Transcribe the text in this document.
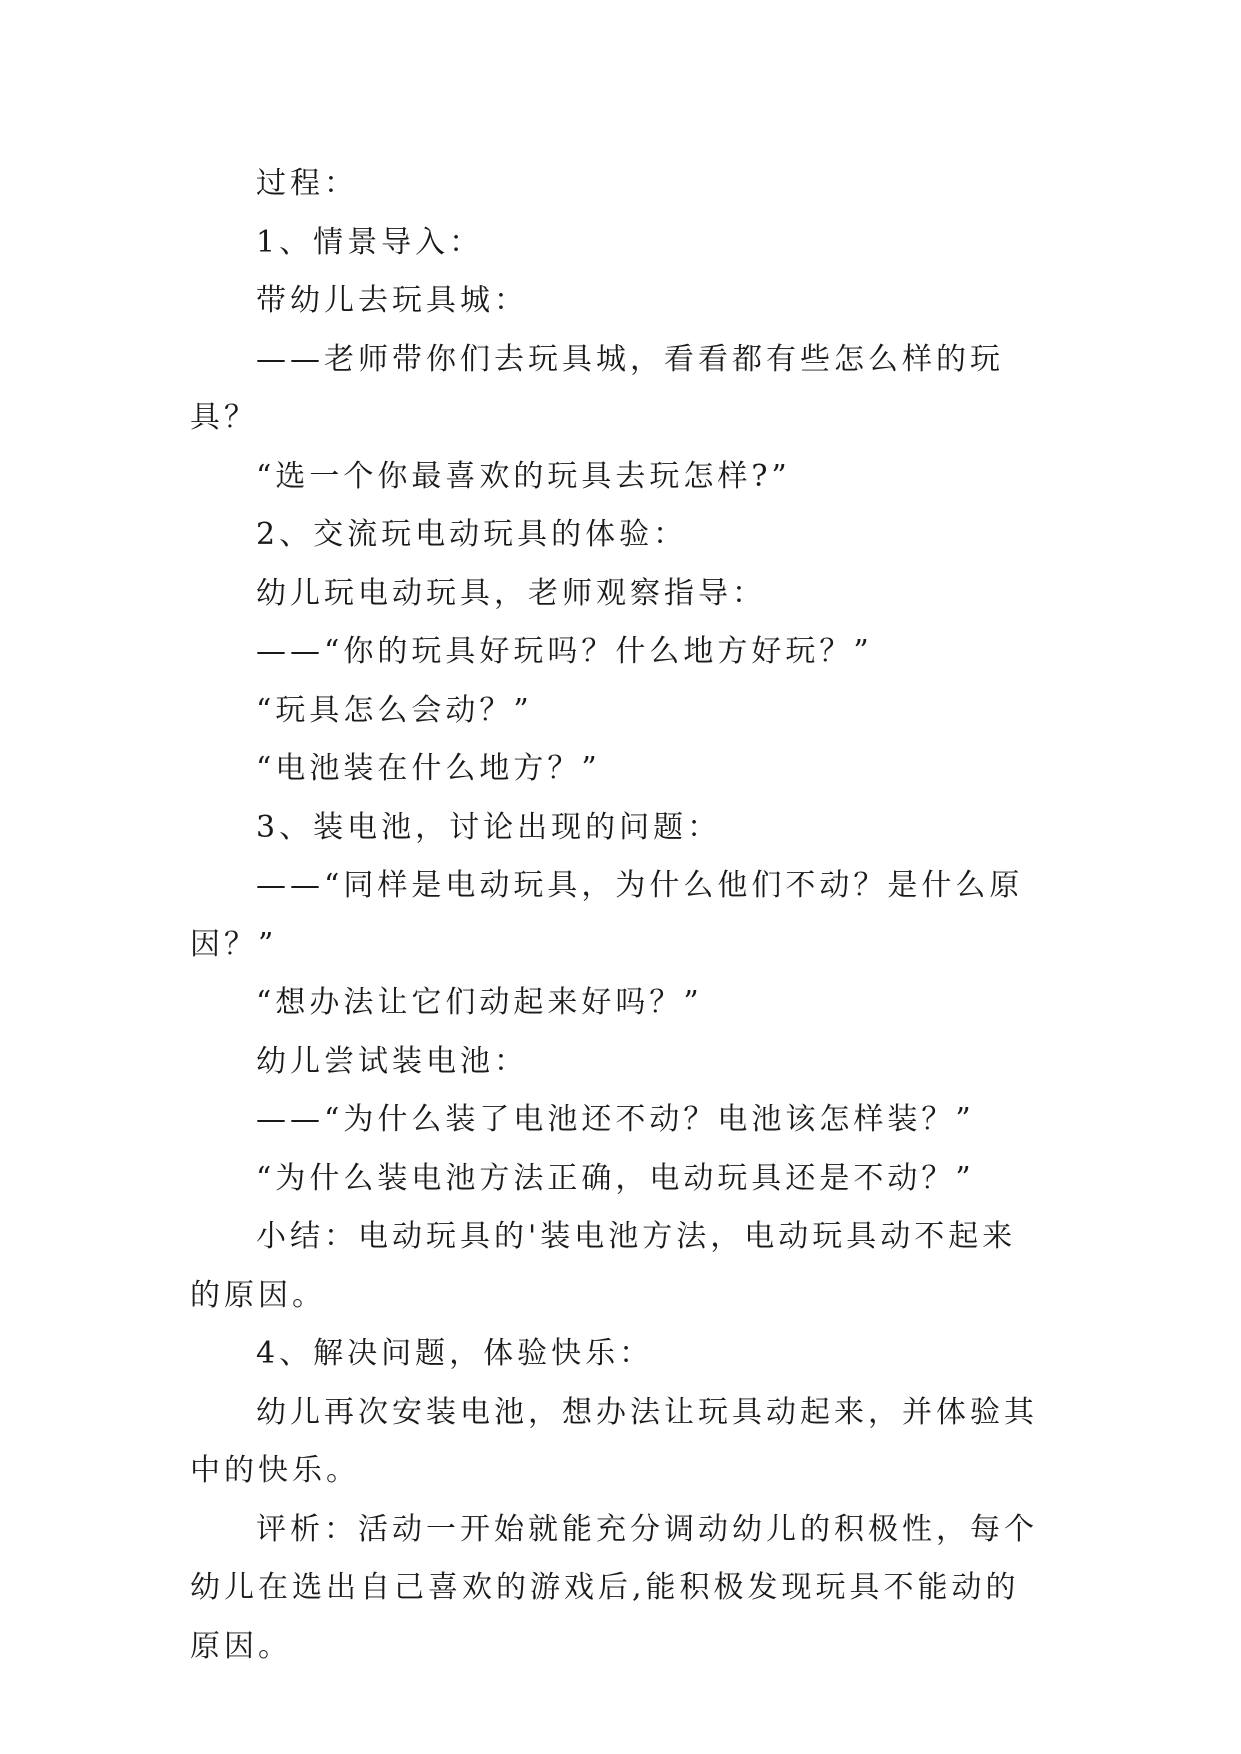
过程：

1、情景导入：

带幼儿去玩具城：

——老师带你们去玩具城，看看都有些怎么样的玩具？

“选一个你最喜欢的玩具去玩怎样?”

2、交流玩电动玩具的体验：

幼儿玩电动玩具，老师观察指导：

——“你的玩具好玩吗？什么地方好玩？”

“玩具怎么会动？”

“电池装在什么地方？”

3、装电池，讨论出现的问题：

——“同样是电动玩具，为什么他们不动？是什么原因？”

“想办法让它们动起来好吗？”

幼儿尝试装电池：

——“为什么装了电池还不动？电池该怎样装？”

“为什么装电池方法正确，电动玩具还是不动？”

小结：电动玩具的'装电池方法，电动玩具动不起来的原因。

4、解决问题，体验快乐：

幼儿再次安装电池，想办法让玩具动起来，并体验其中的快乐。

评析：活动一开始就能充分调动幼儿的积极性，每个幼儿在选出自己喜欢的游戏后,能积极发现玩具不能动的原因。
